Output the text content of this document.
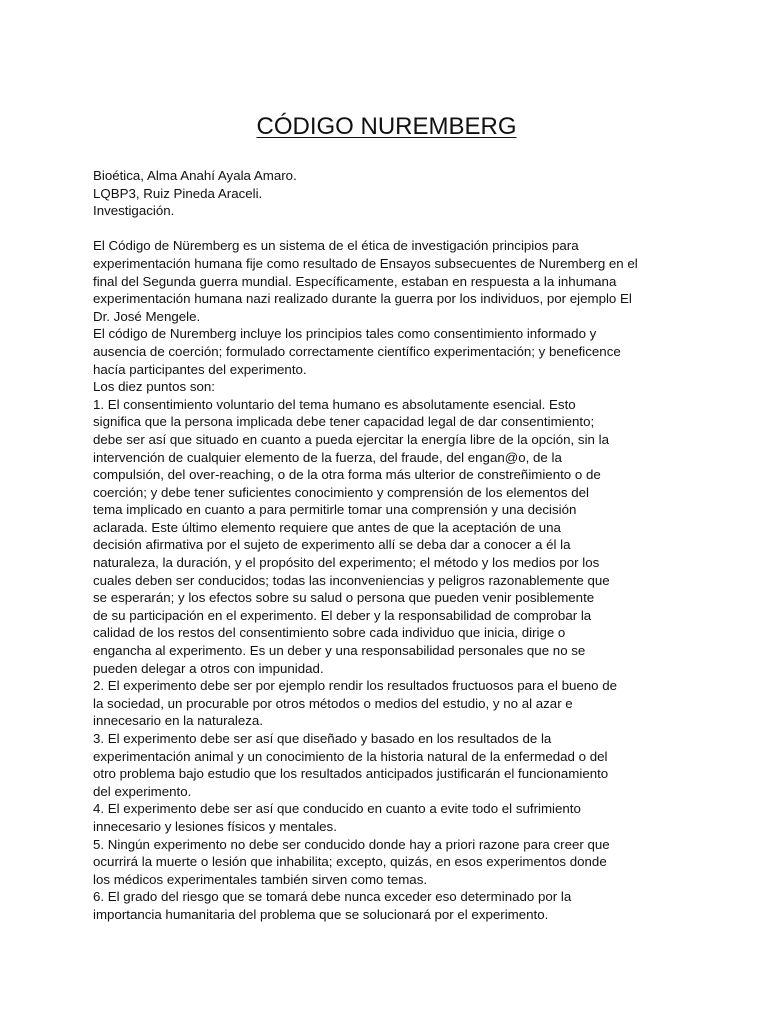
CÓDIGO NUREMBERG
Bioética, Alma Anahí Ayala Amaro.
LQBP3, Ruiz Pineda Araceli.
Investigación.
El Código de Nüremberg es un sistema de el ética de investigación principios para
experimentación humana fije como resultado de Ensayos subsecuentes de Nuremberg en el
final del Segunda guerra mundial. Específicamente, estaban en respuesta a la inhumana
experimentación humana nazi realizado durante la guerra por los individuos, por ejemplo El
Dr. José Mengele.
El código de Nuremberg incluye los principios tales como consentimiento informado y
ausencia de coerción; formulado correctamente científico experimentación; y beneficence
hacía participantes del experimento.
Los diez puntos son:
1. El consentimiento voluntario del tema humano es absolutamente esencial. Esto
significa que la persona implicada debe tener capacidad legal de dar consentimiento;
debe ser así que situado en cuanto a pueda ejercitar la energía libre de la opción, sin la
intervención de cualquier elemento de la fuerza, del fraude, del engan@o, de la
compulsión, del over-reaching, o de la otra forma más ulterior de constreñimiento o de
coerción; y debe tener suficientes conocimiento y comprensión de los elementos del
tema implicado en cuanto a para permitirle tomar una comprensión y una decisión
aclarada. Este último elemento requiere que antes de que la aceptación de una
decisión afirmativa por el sujeto de experimento allí se deba dar a conocer a él la
naturaleza, la duración, y el propósito del experimento; el método y los medios por los
cuales deben ser conducidos; todas las inconveniencias y peligros razonablemente que
se esperarán; y los efectos sobre su salud o persona que pueden venir posiblemente
de su participación en el experimento. El deber y la responsabilidad de comprobar la
calidad de los restos del consentimiento sobre cada individuo que inicia, dirige o
engancha al experimento. Es un deber y una responsabilidad personales que no se
pueden delegar a otros con impunidad.
2. El experimento debe ser por ejemplo rendir los resultados fructuosos para el bueno de
la sociedad, un procurable por otros métodos o medios del estudio, y no al azar e
innecesario en la naturaleza.
3. El experimento debe ser así que diseñado y basado en los resultados de la
experimentación animal y un conocimiento de la historia natural de la enfermedad o del
otro problema bajo estudio que los resultados anticipados justificarán el funcionamiento
del experimento.
4. El experimento debe ser así que conducido en cuanto a evite todo el sufrimiento
innecesario y lesiones físicos y mentales.
5. Ningún experimento no debe ser conducido donde hay a priori razone para creer que
ocurrirá la muerte o lesión que inhabilita; excepto, quizás, en esos experimentos donde
los médicos experimentales también sirven como temas.
6. El grado del riesgo que se tomará debe nunca exceder eso determinado por la
importancia humanitaria del problema que se solucionará por el experimento.
